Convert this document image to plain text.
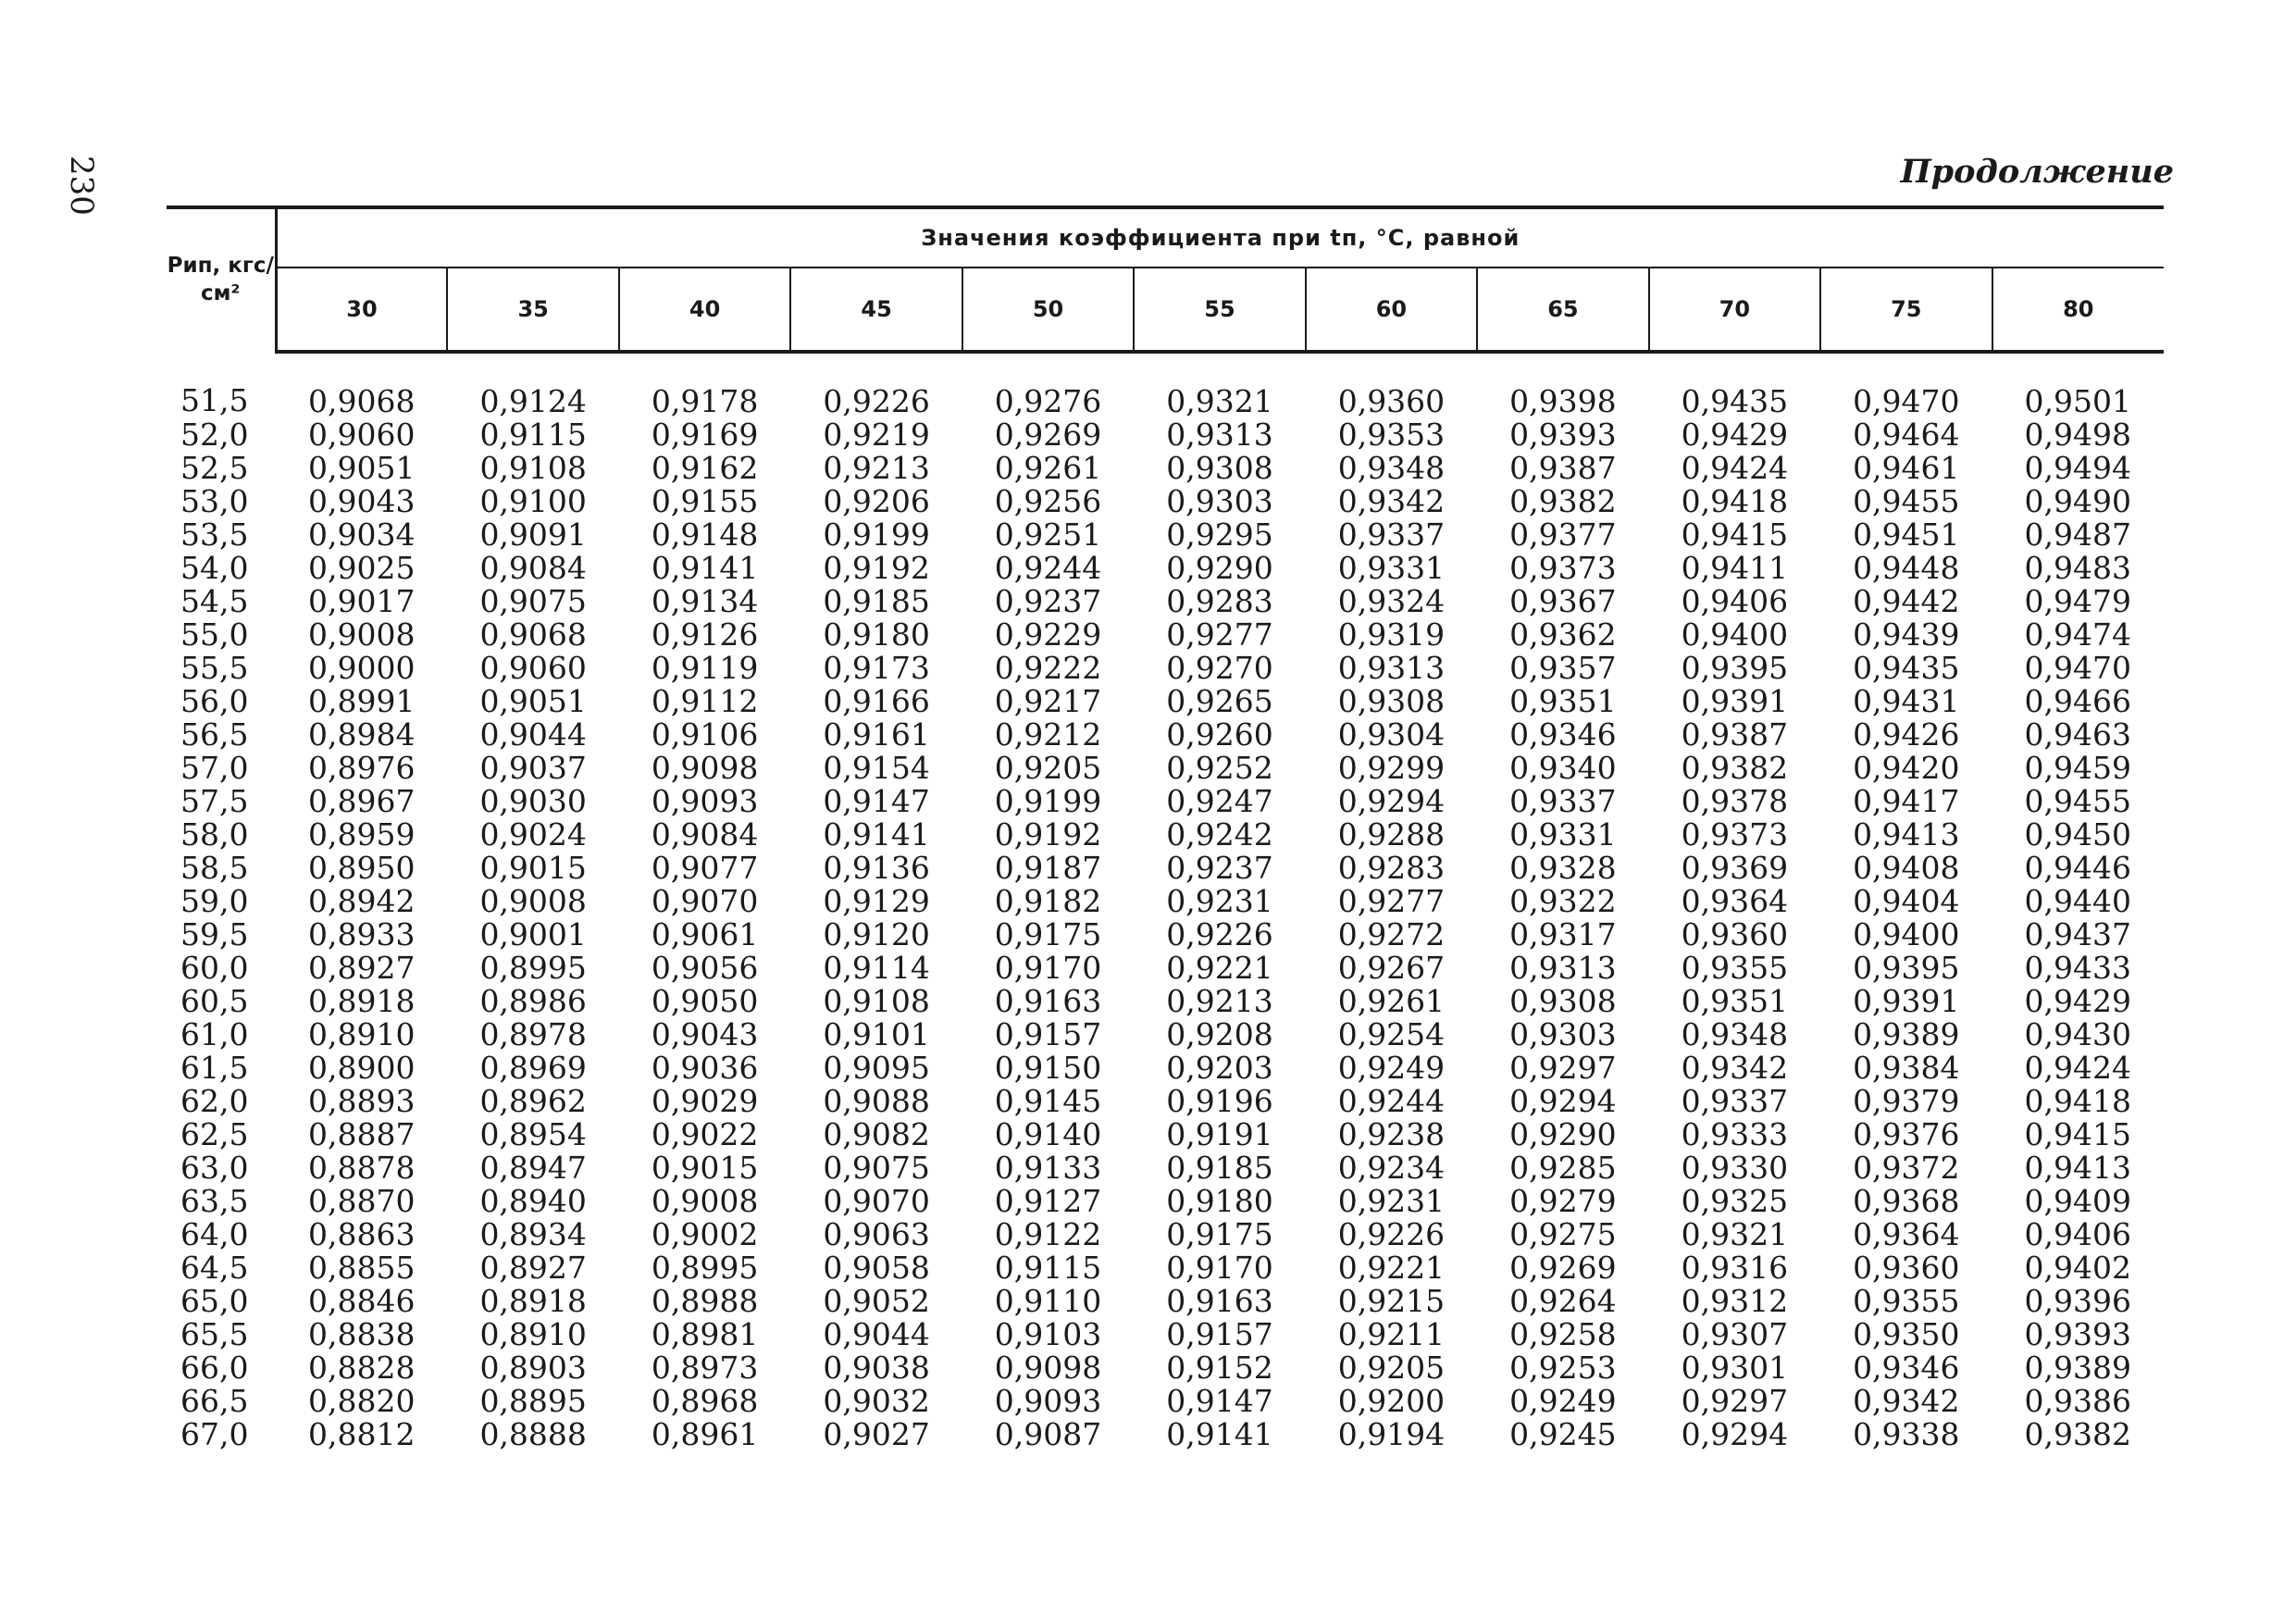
230	Продолжение
Рип, кгс/см²	Значения коэффициента при tп, °С, равной										
	30	35	40	45	50	55	60	65	70	75	80
51,5	0,9068	0,9124	0,9178	0,9226	0,9276	0,9321	0,9360	0,9398	0,9435	0,9470	0,9501
52,0	0,9060	0,9115	0,9169	0,9219	0,9269	0,9313	0,9353	0,9393	0,9429	0,9464	0,9498
52,5	0,9051	0,9108	0,9162	0,9213	0,9261	0,9308	0,9348	0,9387	0,9424	0,9461	0,9494
53,0	0,9043	0,9100	0,9155	0,9206	0,9256	0,9303	0,9342	0,9382	0,9418	0,9455	0,9490
53,5	0,9034	0,9091	0,9148	0,9199	0,9251	0,9295	0,9337	0,9377	0,9415	0,9451	0,9487
54,0	0,9025	0,9084	0,9141	0,9192	0,9244	0,9290	0,9331	0,9373	0,9411	0,9448	0,9483
54,5	0,9017	0,9075	0,9134	0,9185	0,9237	0,9283	0,9324	0,9367	0,9406	0,9442	0,9479
55,0	0,9008	0,9068	0,9126	0,9180	0,9229	0,9277	0,9319	0,9362	0,9400	0,9439	0,9474
55,5	0,9000	0,9060	0,9119	0,9173	0,9222	0,9270	0,9313	0,9357	0,9395	0,9435	0,9470
56,0	0,8991	0,9051	0,9112	0,9166	0,9217	0,9265	0,9308	0,9351	0,9391	0,9431	0,9466
56,5	0,8984	0,9044	0,9106	0,9161	0,9212	0,9260	0,9304	0,9346	0,9387	0,9426	0,9463
57,0	0,8976	0,9037	0,9098	0,9154	0,9205	0,9252	0,9299	0,9340	0,9382	0,9420	0,9459
57,5	0,8967	0,9030	0,9093	0,9147	0,9199	0,9247	0,9294	0,9337	0,9378	0,9417	0,9455
58,0	0,8959	0,9024	0,9084	0,9141	0,9192	0,9242	0,9288	0,9331	0,9373	0,9413	0,9450
58,5	0,8950	0,9015	0,9077	0,9136	0,9187	0,9237	0,9283	0,9328	0,9369	0,9408	0,9446
59,0	0,8942	0,9008	0,9070	0,9129	0,9182	0,9231	0,9277	0,9322	0,9364	0,9404	0,9440
59,5	0,8933	0,9001	0,9061	0,9120	0,9175	0,9226	0,9272	0,9317	0,9360	0,9400	0,9437
60,0	0,8927	0,8995	0,9056	0,9114	0,9170	0,9221	0,9267	0,9313	0,9355	0,9395	0,9433
60,5	0,8918	0,8986	0,9050	0,9108	0,9163	0,9213	0,9261	0,9308	0,9351	0,9391	0,9429
61,0	0,8910	0,8978	0,9043	0,9101	0,9157	0,9208	0,9254	0,9303	0,9348	0,9389	0,9430
61,5	0,8900	0,8969	0,9036	0,9095	0,9150	0,9203	0,9249	0,9297	0,9342	0,9384	0,9424
62,0	0,8893	0,8962	0,9029	0,9088	0,9145	0,9196	0,9244	0,9294	0,9337	0,9379	0,9418
62,5	0,8887	0,8954	0,9022	0,9082	0,9140	0,9191	0,9238	0,9290	0,9333	0,9376	0,9415
63,0	0,8878	0,8947	0,9015	0,9075	0,9133	0,9185	0,9234	0,9285	0,9330	0,9372	0,9413
63,5	0,8870	0,8940	0,9008	0,9070	0,9127	0,9180	0,9231	0,9279	0,9325	0,9368	0,9409
64,0	0,8863	0,8934	0,9002	0,9063	0,9122	0,9175	0,9226	0,9275	0,9321	0,9364	0,9406
64,5	0,8855	0,8927	0,8995	0,9058	0,9115	0,9170	0,9221	0,9269	0,9316	0,9360	0,9402
65,0	0,8846	0,8918	0,8988	0,9052	0,9110	0,9163	0,9215	0,9264	0,9312	0,9355	0,9396
65,5	0,8838	0,8910	0,8981	0,9044	0,9103	0,9157	0,9211	0,9258	0,9307	0,9350	0,9393
66,0	0,8828	0,8903	0,8973	0,9038	0,9098	0,9152	0,9205	0,9253	0,9301	0,9346	0,9389
66,5	0,8820	0,8895	0,8968	0,9032	0,9093	0,9147	0,9200	0,9249	0,9297	0,9342	0,9386
67,0	0,8812	0,8888	0,8961	0,9027	0,9087	0,9141	0,9194	0,9245	0,9294	0,9338	0,9382
